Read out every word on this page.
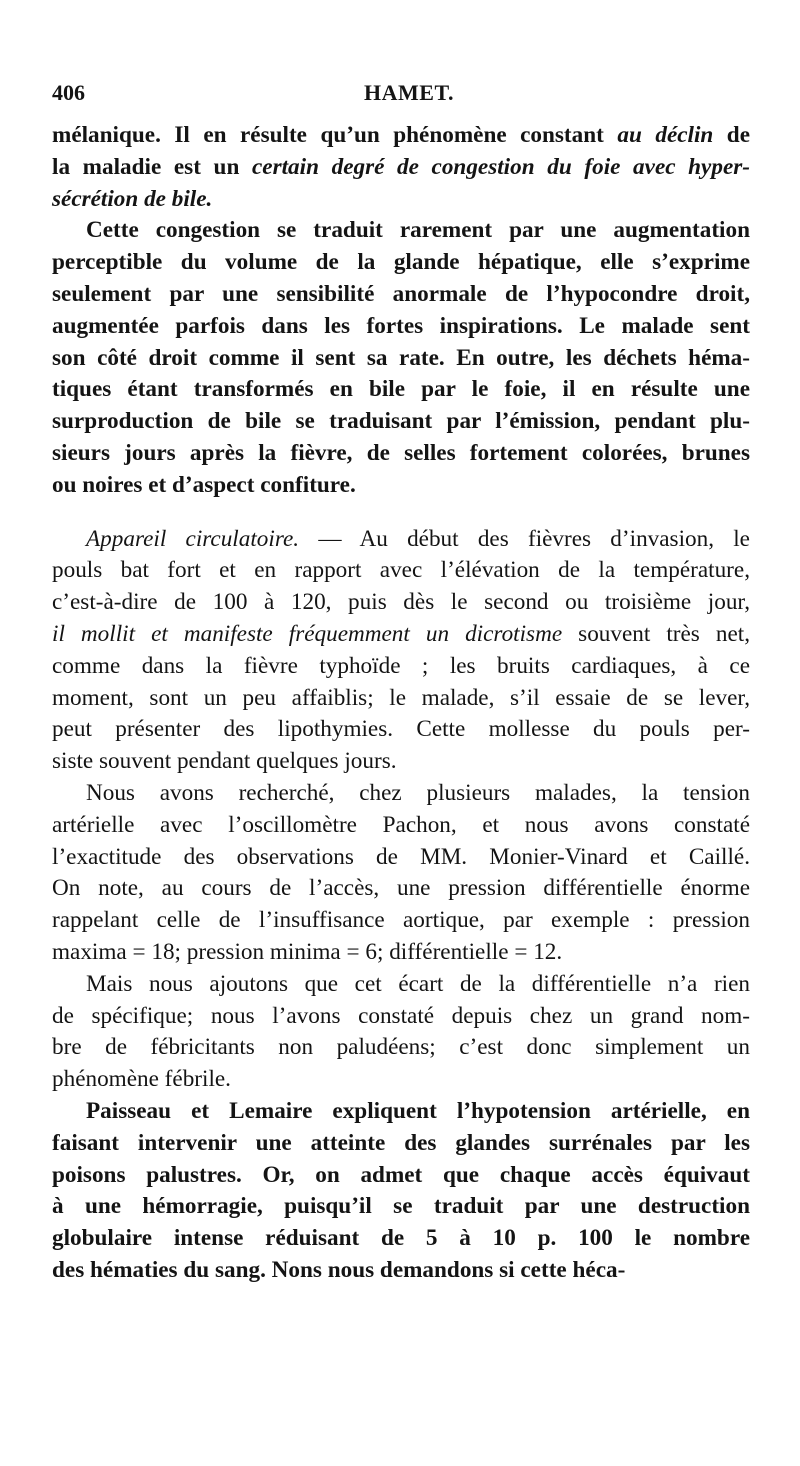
406	HAMET.
mélanique. Il en résulte qu’un phénomène constant au déclin de
la maladie est un certain degré de congestion du foie avec hyper-
sécrétion de bile.
Cette congestion se traduit rarement par une augmentation
perceptible du volume de la glande hépatique, elle s’exprime
seulement par une sensibilité anormale de l’hypocondre droit,
augmentée parfois dans les fortes inspirations. Le malade sent
son côté droit comme il sent sa rate. En outre, les déchets héma-
tiques étant transformés en bile par le foie, il en résulte une
surproduction de bile se traduisant par l’émission, pendant plu-
sieurs jours après la fièvre, de selles fortement colorées, brunes
ou noires et d’aspect confiture.
Appareil circulatoire. — Au début des fièvres d’invasion, le
pouls bat fort et en rapport avec l’élévation de la température,
c’est-à-dire de 100 à 120, puis dès le second ou troisième jour,
il mollit et manifeste fréquemment un dicrotisme souvent très net,
comme dans la fièvre typhoïde ; les bruits cardiaques, à ce
moment, sont un peu affaiblis; le malade, s’il essaie de se lever,
peut présenter des lipothymies. Cette mollesse du pouls per-
siste souvent pendant quelques jours.
Nous avons recherché, chez plusieurs malades, la tension
artérielle avec l’oscillomètre Pachon, et nous avons constaté
l’exactitude des observations de MM. Monier-Vinard et Caillé.
On note, au cours de l’accès, une pression différentielle énorme
rappelant celle de l’insuffisance aortique, par exemple : pression
maxima = 18; pression minima = 6; différentielle = 12.
Mais nous ajoutons que cet écart de la différentielle n’a rien
de spécifique; nous l’avons constaté depuis chez un grand nom-
bre de fébricitants non paludéens; c’est donc simplement un
phénomène fébrile.
Paisseau et Lemaire expliquent l’hypotension artérielle, en
faisant intervenir une atteinte des glandes surrénales par les
poisons palustres. Or, on admet que chaque accès équivaut
à une hémorragie, puisqu’il se traduit par une destruction
globulaire intense réduisant de 5 à 10 p. 100 le nombre
des hématies du sang. Nons nous demandons si cette héca-
